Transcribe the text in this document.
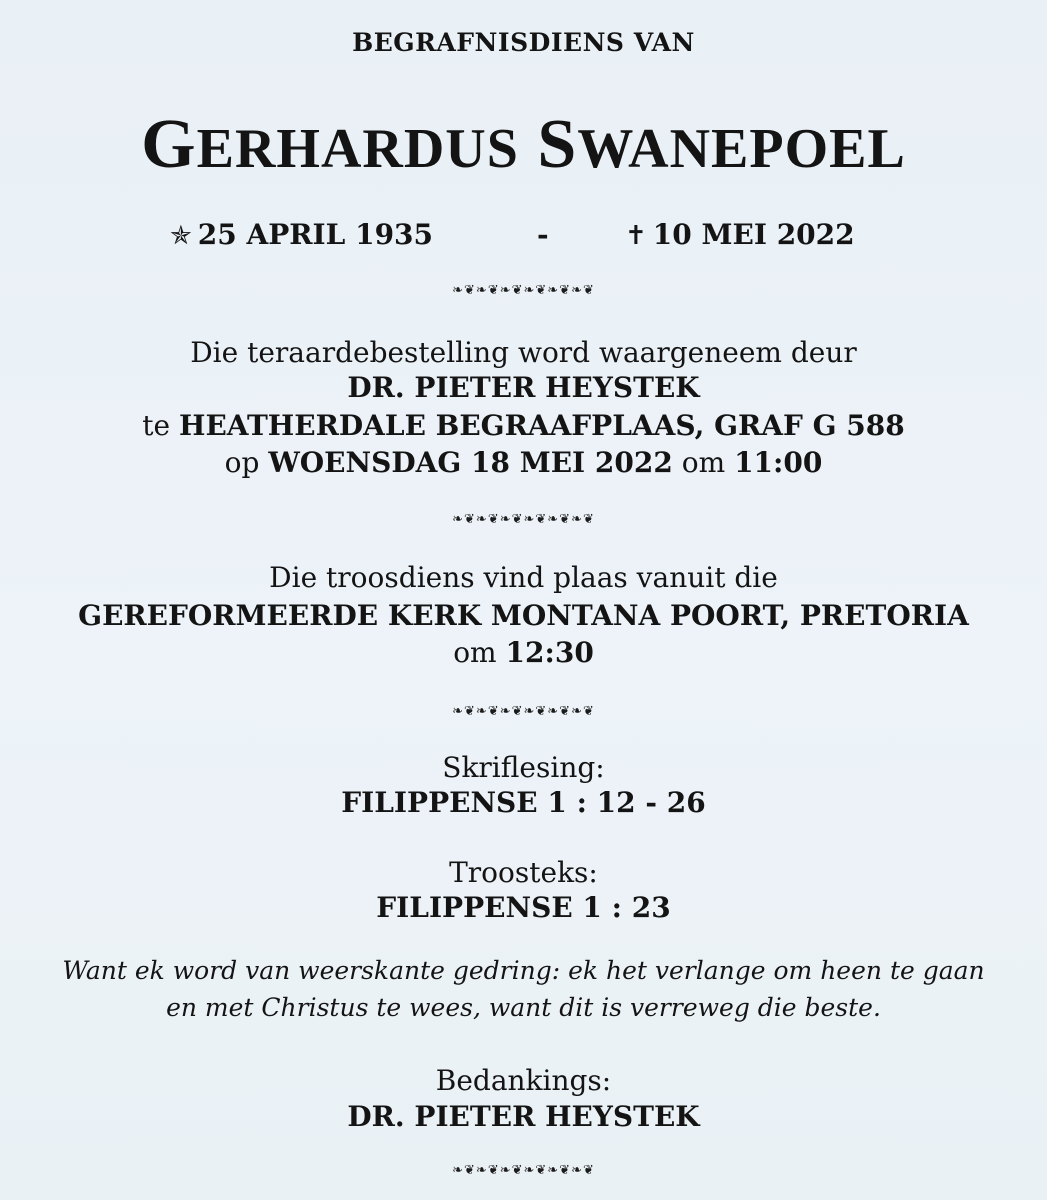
BEGRAFNISDIENS VAN
GERHARDUS SWANEPOEL
✯ 25 APRIL 1935	-	✝ 10 MEI 2022
❧❦❧❦❧❦❧❦❧❦❧❦
Die teraardebestelling word waargeneem deur
DR. PIETER HEYSTEK
te HEATHERDALE BEGRAAFPLAAS, GRAF G 588
op WOENSDAG 18 MEI 2022 om 11:00
❧❦❧❦❧❦❧❦❧❦❧❦
Die troosdiens vind plaas vanuit die
GEREFORMEERDE KERK MONTANA POORT, PRETORIA
om 12:30
❧❦❧❦❧❦❧❦❧❦❧❦
Skriflesing:
FILIPPENSE 1 : 12 - 26
Troosteks:
FILIPPENSE 1 : 23
Want ek word van weerskante gedring: ek het verlange om heen te gaan
en met Christus te wees, want dit is verreweg die beste.
Bedankings:
DR. PIETER HEYSTEK
❧❦❧❦❧❦❧❦❧❦❧❦
